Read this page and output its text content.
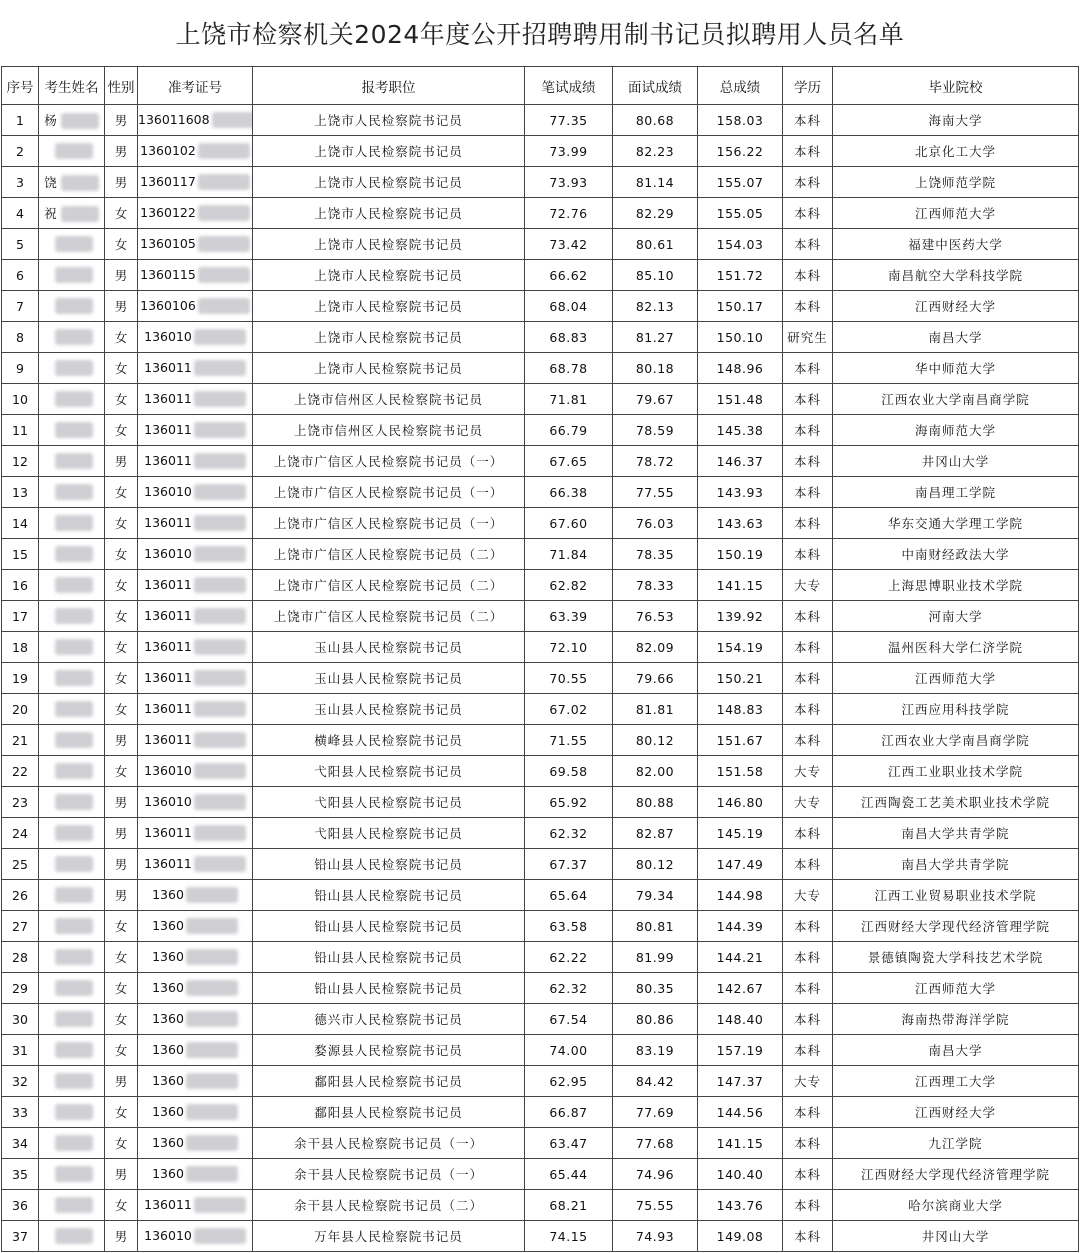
上饶市检察机关2024年度公开招聘聘用制书记员拟聘用人员名单
序号	考生姓名	性别	准考证号	报考职位	笔试成绩	面试成绩	总成绩	学历	毕业院校
1	杨	男	136011608	上饶市人民检察院书记员	77.35	80.68	158.03	本科	海南大学
2		男	1360102	上饶市人民检察院书记员	73.99	82.23	156.22	本科	北京化工大学
3	饶	男	1360117	上饶市人民检察院书记员	73.93	81.14	155.07	本科	上饶师范学院
4	祝	女	1360122	上饶市人民检察院书记员	72.76	82.29	155.05	本科	江西师范大学
5		女	1360105	上饶市人民检察院书记员	73.42	80.61	154.03	本科	福建中医药大学
6		男	1360115	上饶市人民检察院书记员	66.62	85.10	151.72	本科	南昌航空大学科技学院
7		男	1360106	上饶市人民检察院书记员	68.04	82.13	150.17	本科	江西财经大学
8		女	136010	上饶市人民检察院书记员	68.83	81.27	150.10	研究生	南昌大学
9		女	136011	上饶市人民检察院书记员	68.78	80.18	148.96	本科	华中师范大学
10		女	136011	上饶市信州区人民检察院书记员	71.81	79.67	151.48	本科	江西农业大学南昌商学院
11		女	136011	上饶市信州区人民检察院书记员	66.79	78.59	145.38	本科	海南师范大学
12		男	136011	上饶市广信区人民检察院书记员（一）	67.65	78.72	146.37	本科	井冈山大学
13		女	136010	上饶市广信区人民检察院书记员（一）	66.38	77.55	143.93	本科	南昌理工学院
14		女	136011	上饶市广信区人民检察院书记员（一）	67.60	76.03	143.63	本科	华东交通大学理工学院
15		女	136010	上饶市广信区人民检察院书记员（二）	71.84	78.35	150.19	本科	中南财经政法大学
16		女	136011	上饶市广信区人民检察院书记员（二）	62.82	78.33	141.15	大专	上海思博职业技术学院
17		女	136011	上饶市广信区人民检察院书记员（二）	63.39	76.53	139.92	本科	河南大学
18		女	136011	玉山县人民检察院书记员	72.10	82.09	154.19	本科	温州医科大学仁济学院
19		女	136011	玉山县人民检察院书记员	70.55	79.66	150.21	本科	江西师范大学
20		女	136011	玉山县人民检察院书记员	67.02	81.81	148.83	本科	江西应用科技学院
21		男	136011	横峰县人民检察院书记员	71.55	80.12	151.67	本科	江西农业大学南昌商学院
22		女	136010	弋阳县人民检察院书记员	69.58	82.00	151.58	大专	江西工业职业技术学院
23		男	136010	弋阳县人民检察院书记员	65.92	80.88	146.80	大专	江西陶瓷工艺美术职业技术学院
24		男	136011	弋阳县人民检察院书记员	62.32	82.87	145.19	本科	南昌大学共青学院
25		男	136011	铅山县人民检察院书记员	67.37	80.12	147.49	本科	南昌大学共青学院
26		男	1360	铅山县人民检察院书记员	65.64	79.34	144.98	大专	江西工业贸易职业技术学院
27		女	1360	铅山县人民检察院书记员	63.58	80.81	144.39	本科	江西财经大学现代经济管理学院
28		女	1360	铅山县人民检察院书记员	62.22	81.99	144.21	本科	景德镇陶瓷大学科技艺术学院
29		女	1360	铅山县人民检察院书记员	62.32	80.35	142.67	本科	江西师范大学
30		女	1360	德兴市人民检察院书记员	67.54	80.86	148.40	本科	海南热带海洋学院
31		女	1360	婺源县人民检察院书记员	74.00	83.19	157.19	本科	南昌大学
32		男	1360	鄱阳县人民检察院书记员	62.95	84.42	147.37	大专	江西理工大学
33		女	1360	鄱阳县人民检察院书记员	66.87	77.69	144.56	本科	江西财经大学
34		女	1360	余干县人民检察院书记员（一）	63.47	77.68	141.15	本科	九江学院
35		男	1360	余干县人民检察院书记员（一）	65.44	74.96	140.40	本科	江西财经大学现代经济管理学院
36		女	136011	余干县人民检察院书记员（二）	68.21	75.55	143.76	本科	哈尔滨商业大学
37		男	136010	万年县人民检察院书记员	74.15	74.93	149.08	本科	井冈山大学
